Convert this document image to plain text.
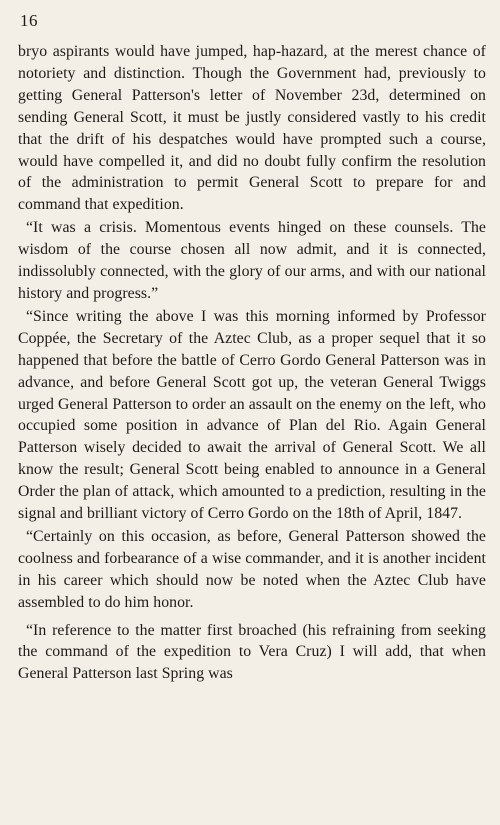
16

bryo aspirants would have jumped, hap-hazard, at the merest chance of notoriety and distinction. Though the Government had, previously to getting General Patterson's letter of November 23d, determined on sending General Scott, it must be justly considered vastly to his credit that the drift of his despatches would have prompted such a course, would have compelled it, and did no doubt fully confirm the resolution of the administration to permit General Scott to prepare for and command that expedition.

“It was a crisis. Momentous events hinged on these counsels. The wisdom of the course chosen all now admit, and it is connected, indissolubly connected, with the glory of our arms, and with our national history and progress.”

“Since writing the above I was this morning informed by Professor Coppée, the Secretary of the Aztec Club, as a proper sequel that it so happened that before the battle of Cerro Gordo General Patterson was in advance, and before General Scott got up, the veteran General Twiggs urged General Patterson to order an assault on the enemy on the left, who occupied some position in advance of Plan del Rio. Again General Patterson wisely decided to await the arrival of General Scott. We all know the result; General Scott being enabled to announce in a General Order the plan of attack, which amounted to a prediction, resulting in the signal and brilliant victory of Cerro Gordo on the 18th of April, 1847.

“Certainly on this occasion, as before, General Patterson showed the coolness and forbearance of a wise commander, and it is another incident in his career which should now be noted when the Aztec Club have assembled to do him honor.

“In reference to the matter first broached (his refraining from seeking the command of the expedition to Vera Cruz) I will add, that when General Patterson last Spring was
